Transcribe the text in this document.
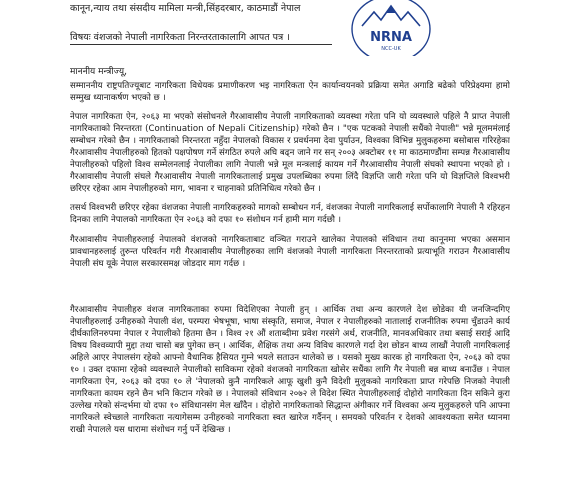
कानून,न्याय तथा संसदीय मामिला मन्त्री,सिंहदरबार, काठमाडौं नेपाल
विषयः वंशजको नेपाली नागरिकता निरन्तरताकालागि आपत पत्र ।	NRNA
NCC-UK
माननीय मन्त्रीज्यू,
सम्माननीय राष्ट्रपतिज्यूबाट नागरिकता विधेयक प्रमाणीकरण भइ नागरिकता ऐन कार्यान्वयनको प्रक्रिया समेत अगाडि बढेको परिप्रेक्ष्यमा हामो सम्मुख ध्यानाकर्षण भएको छ ।
नेपाल नागरिकता ऐन, २०६३ मा भएको संसोधनले गैरआवासीय नेपाली नागरिकताको व्यवस्था गरेता पनि यो व्यवस्थाले पहिले नै प्राप्त नेपाली नागरिकताको निरन्तरता (Continuation of Nepali Citizenship) गरेको छैन । "एक पटकको नेपाली सधैंको नेपाली" भन्ने मूलममंलाई सम्बोधन गरेको छैन । नागरिकताको निरन्तरता नहुँदा नेपालको विकास र प्रवर्धनमा देवा पुर्याउन, विश्वका विभिन्न मुलुकहरुमा बसोबास गरिरहेका गैरआवासीय नेपालीहरुको हितको पक्षपोषण गर्ने संगठित रुपले अघि बढ्न जाने गर सन् २००३ अक्टोबर ११ मा काठमाण्डौंमा सम्पन्न गैरआवासीय नेपालीहरुको पहिलो विश्व सम्मेलनलाई नेपालीका लागि नेपाली भन्ने मूल मन्त्रलाई कायम गर्ने गैरआवासीय नेपाली संघको स्थापना भएको हो । गैरआवासीय नेपाली संघले गैरआवासीय नेपाली नागरिकतालाई प्रमुख उपलब्धिका रुपमा लिंदै विज्ञप्ति जारी गरेता पनि यो विज्ञप्तिले विश्वभरी छरिएर रहेका आम नेपालीहरुको माग, भावना र चाहनाको प्रतिनिधित्व गरेको छैन ।
तसर्थ विश्वभरी छरिएर रहेका वंशजका नेपाली नागरिकहरुको मागको सम्बोधन गर्न, वंशजका नेपाली नागरिकलाई सर्पोकालागि नेपाली नै रहिरहन दिनका लागि नेपालको नागरिकता ऐन २०६३ को दफा १० संशोधन गर्न हामी माग गर्दछौ ।
गैरआवासीय नेपालीहरुलाई नेपालको वंशजको नागरिकताबाट वञ्चित गराउने खालेका नेपालको संविधान तथा कानूनमा भएका असमान प्रावधानहरुलाई तुरुन्त परिवर्तन गरी गैरआवासीय नेपालीहरुका लागि वंशजको नेपाली नागरिकता निरन्तरताको प्रत्याभूति गराउन गैरआवासीय नेपाली संघ यूके नेपाल सरकारसमक्ष जोडदार माग गर्दछ ।
गैरआवासीय नेपालीहरु वंशज नागरिकताका रुपमा विदेशिएका नेपाली हुन् । आर्थिक तथा अन्य कारणले देश छोडेका यी जनजिन्दगिए नेपालीहरुलाई उनीहरुको नेपाली वंश, परम्परा भेषभूषा, भाषा संस्कृति, समाज, नेपाल र नेपालीहरुको नातालाई राजनीतिक रुपमा चुँडाउने कार्य दीर्घकालिनरुपमा नेपाल र नेपालीको हितमा छैन । विश्व २१ औं शताब्दीमा प्रवेश गरसंगे अर्थ, राजनीति, मानवअधिकार तथा बसाई सराई आदि विषय विश्वव्यापी मुद्दा तथा चासो बन्न पुगेका छन् । आर्थिक, शैक्षिक तथा अन्य विविध कारणले गर्दा देश छोडन बाध्य लाखौं नेपाली नागरिकलाई अहिले आएर नेपालसंग रहेको आफ्नो वैधानिक हैसियत गुम्ने भयले सताउन थालेको छ । यसको मुख्य कारक हो नागरिकता ऐन, २०६३ को दफा १० । उक्त दफामा रहेको व्यवस्थाले नेपालीको साविकमा रहेको वंशजको नागरिकता खोसेर सधैंका लागि गैर नेपाली बन्न बाध्य बनाउँछ । नेपाल नागरिकता ऐन, २०६३ को दफा १० ले 'नेपालको कुनै नागरिकले आफू खुशी कुनै विदेशी मुलुकको नागरिकता प्राप्त गरेपछि निजको नेपाली नागरिकता कायम रहने छैन भनि किटान गरेको छ । नेपालको संविधान २०७२ ले विदेश स्थित नेपालीहरुलाई दोहोरो नागरिकता दिन सकिने कुरा उल्लेख गरेको संन्दर्भमा यो दफा १० संविधानसंग मेल खाँदैन । दोहोरो नागरिकताको सिद्धान्त अंगीकार गर्ने विश्वका अन्य मुलुकहरुले पनि आफ्ना नागरिकले स्वेच्छाले नागरिकता नत्यागेसम्म उनीहरुको नागरिकता स्वत खारेज गर्दैनन् । समयको परिवर्तन र देशको आवश्यकता समेत ध्यानमा राखी नेपालले यस धारामा संशोधन गर्नु पर्ने देखिन्छ ।
